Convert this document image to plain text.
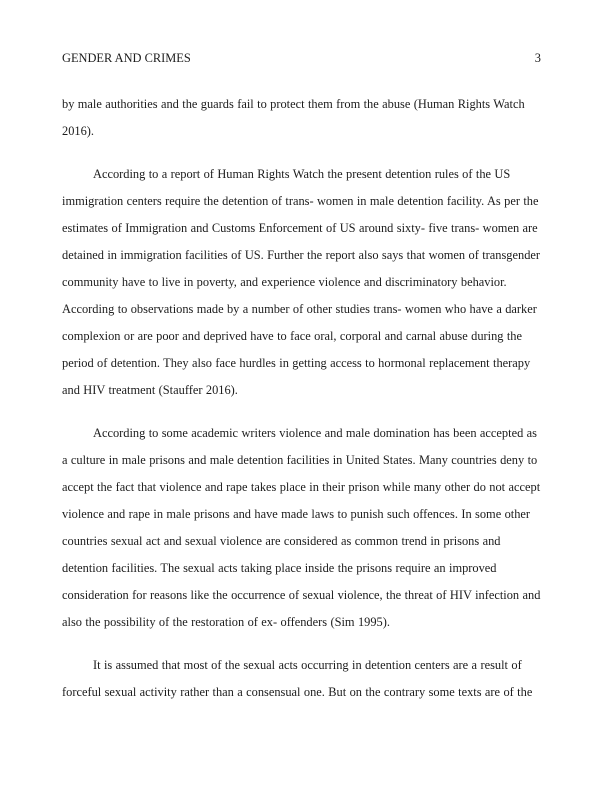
GENDER AND CRIMES	3
by male authorities and the guards fail to protect them from the abuse (Human Rights Watch
2016).
According to a report of Human Rights Watch the present detention rules of the US
immigration centers require the detention of trans- women in male detention facility. As per the
estimates of Immigration and Customs Enforcement of US around sixty- five trans- women are
detained in immigration facilities of US. Further the report also says that women of transgender
community have to live in poverty, and experience violence and discriminatory behavior.
According to observations made by a number of other studies trans- women who have a darker
complexion or are poor and deprived have to face oral, corporal and carnal abuse during the
period of detention. They also face hurdles in getting access to hormonal replacement therapy
and HIV treatment (Stauffer 2016).
According to some academic writers violence and male domination has been accepted as
a culture in male prisons and male detention facilities in United States. Many countries deny to
accept the fact that violence and rape takes place in their prison while many other do not accept
violence and rape in male prisons and have made laws to punish such offences. In some other
countries sexual act and sexual violence are considered as common trend in prisons and
detention facilities. The sexual acts taking place inside the prisons require an improved
consideration for reasons like the occurrence of sexual violence, the threat of HIV infection and
also the possibility of the restoration of ex- offenders (Sim 1995).
It is assumed that most of the sexual acts occurring in detention centers are a result of
forceful sexual activity rather than a consensual one. But on the contrary some texts are of the
